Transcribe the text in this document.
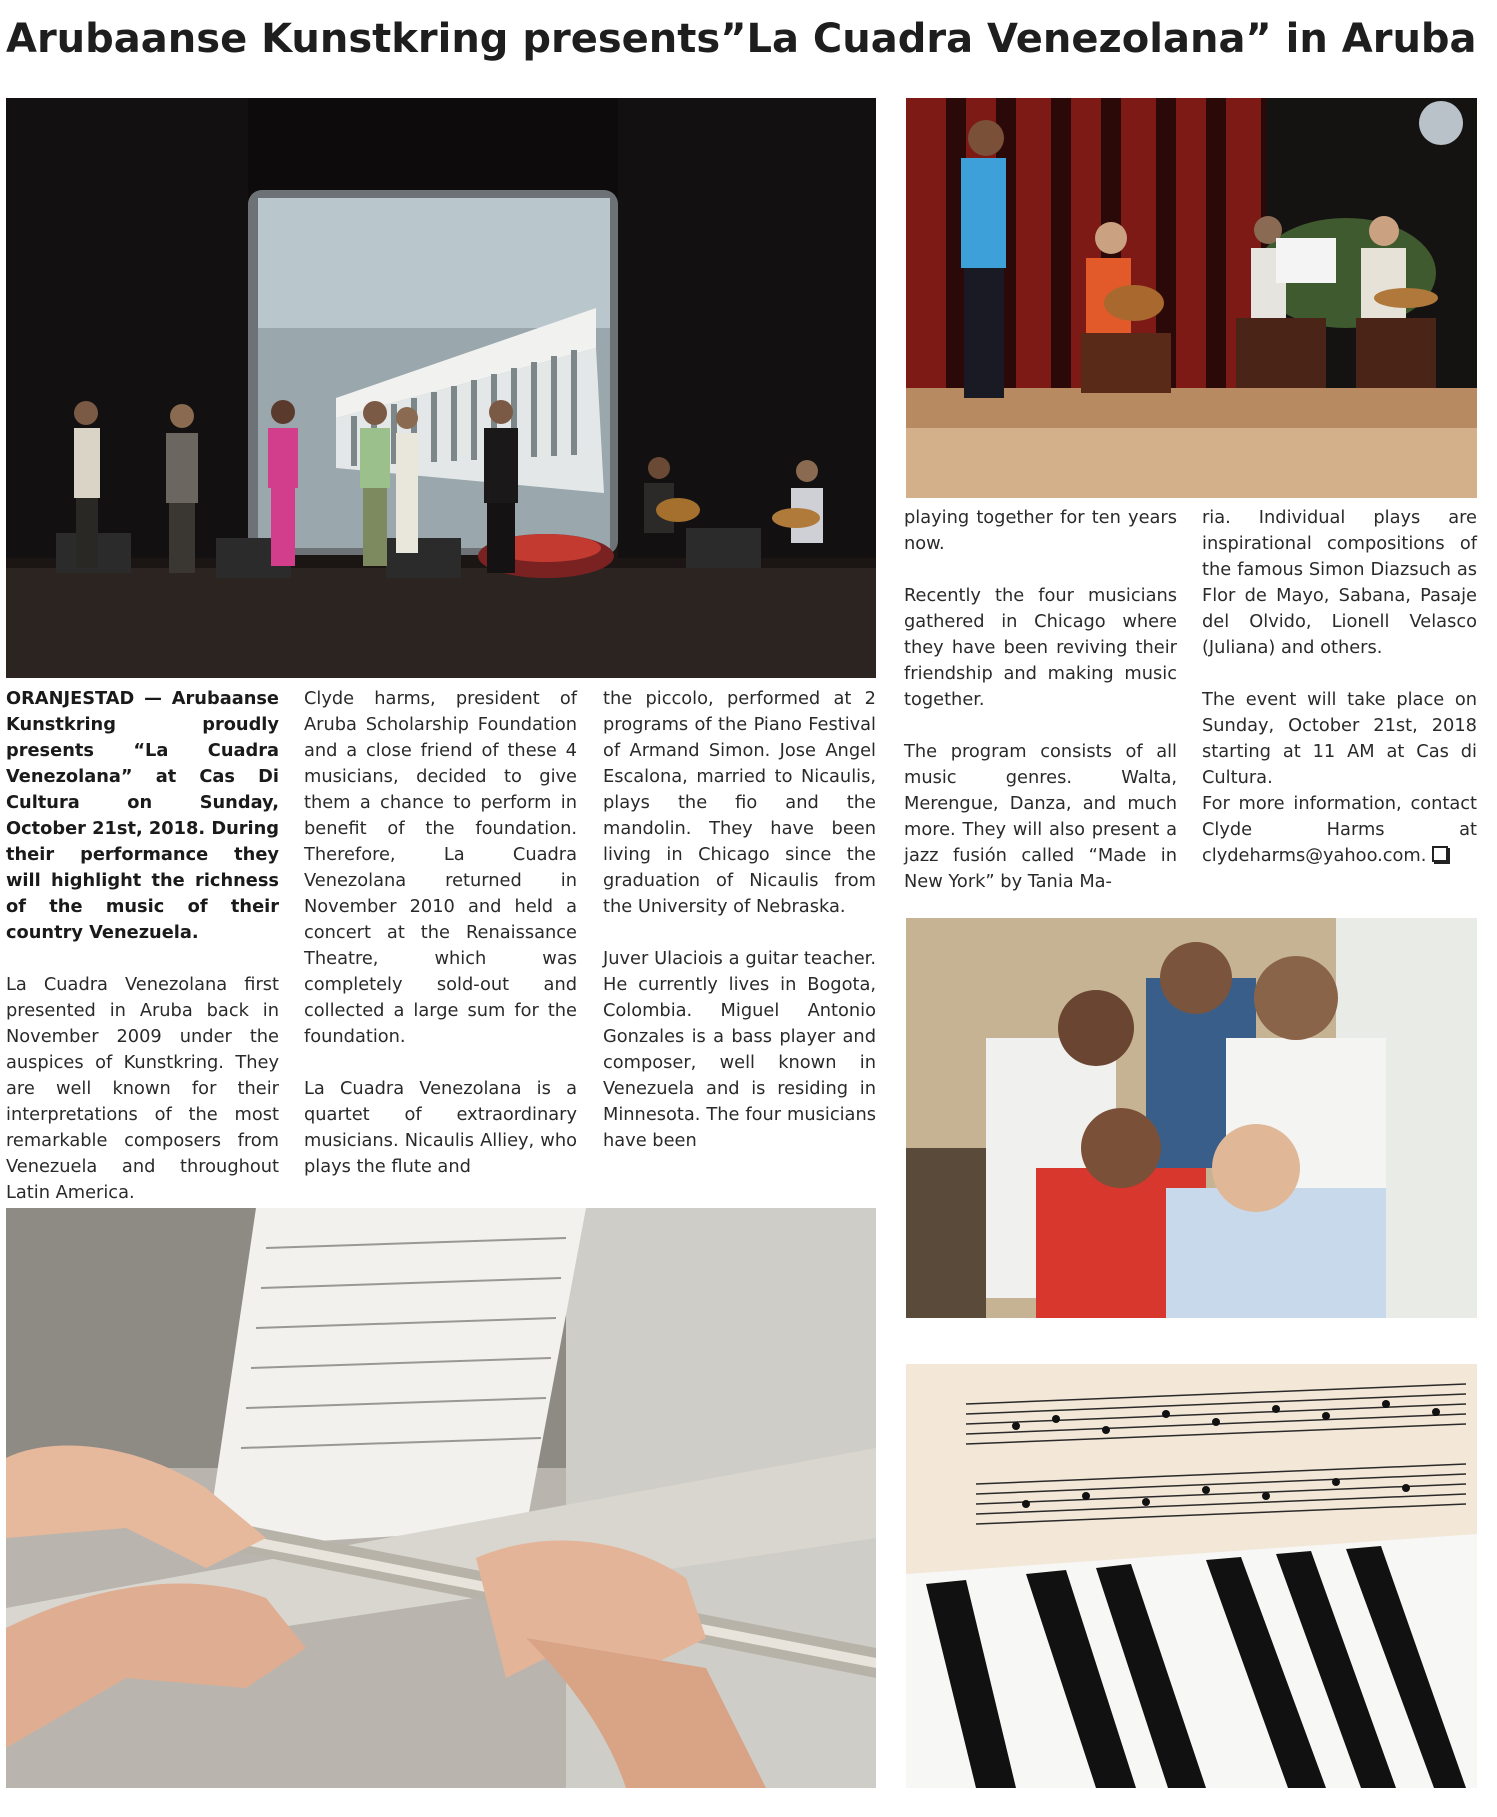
Arubaanse Kunstkring presents”La Cuadra Venezolana” in Aruba

ORANJESTAD — Arubaanse Kunstkring proudly presents “La Cuadra Venezolana” at Cas Di Cultura on Sunday, October 21st, 2018. During their performance they will highlight the richness of the music of their country Venezuela.

La Cuadra Venezolana first presented in Aruba back in November 2009 under the auspices of Kunstkring. They are well known for their interpretations of the most remarkable composers from Venezuela and throughout Latin America.

Clyde harms, president of Aruba Scholarship Foundation and a close friend of these 4 musicians, decided to give them a chance to perform in benefit of the foundation. Therefore, La Cuadra Venezolana returned in November 2010 and held a concert at the Renaissance Theatre, which was completely sold-out and collected a large sum for the foundation.

La Cuadra Venezolana is a quartet of extraordinary musicians. Nicaulis Alliey, who plays the flute and

the piccolo, performed at 2 programs of the Piano Festival of Armand Simon. Jose Angel Escalona, married to Nicaulis, plays the fio and the mandolin. They have been living in Chicago since the graduation of Nicaulis from the University of Nebraska.

Juver Ulaciois a guitar teacher. He currently lives in Bogota, Colombia. Miguel Antonio Gonzales is a bass player and composer, well known in Venezuela and is residing in Minnesota. The four musicians have been

playing together for ten years now.

Recently the four musicians gathered in Chicago where they have been reviving their friendship and making music together.

The program consists of all music genres. Walta, Merengue, Danza, and much more. They will also present a jazz fusión called “Made in New York” by Tania Ma-

ria. Individual plays are inspirational compositions of the famous Simon Diazsuch as Flor de Mayo, Sabana, Pasaje del Olvido, Lionell Velasco (Juliana) and others.

The event will take place on Sunday, October 21st, 2018 starting at 11 AM at Cas di Cultura.

For more information, contact Clyde Harms at clydeharms@yahoo.com.
